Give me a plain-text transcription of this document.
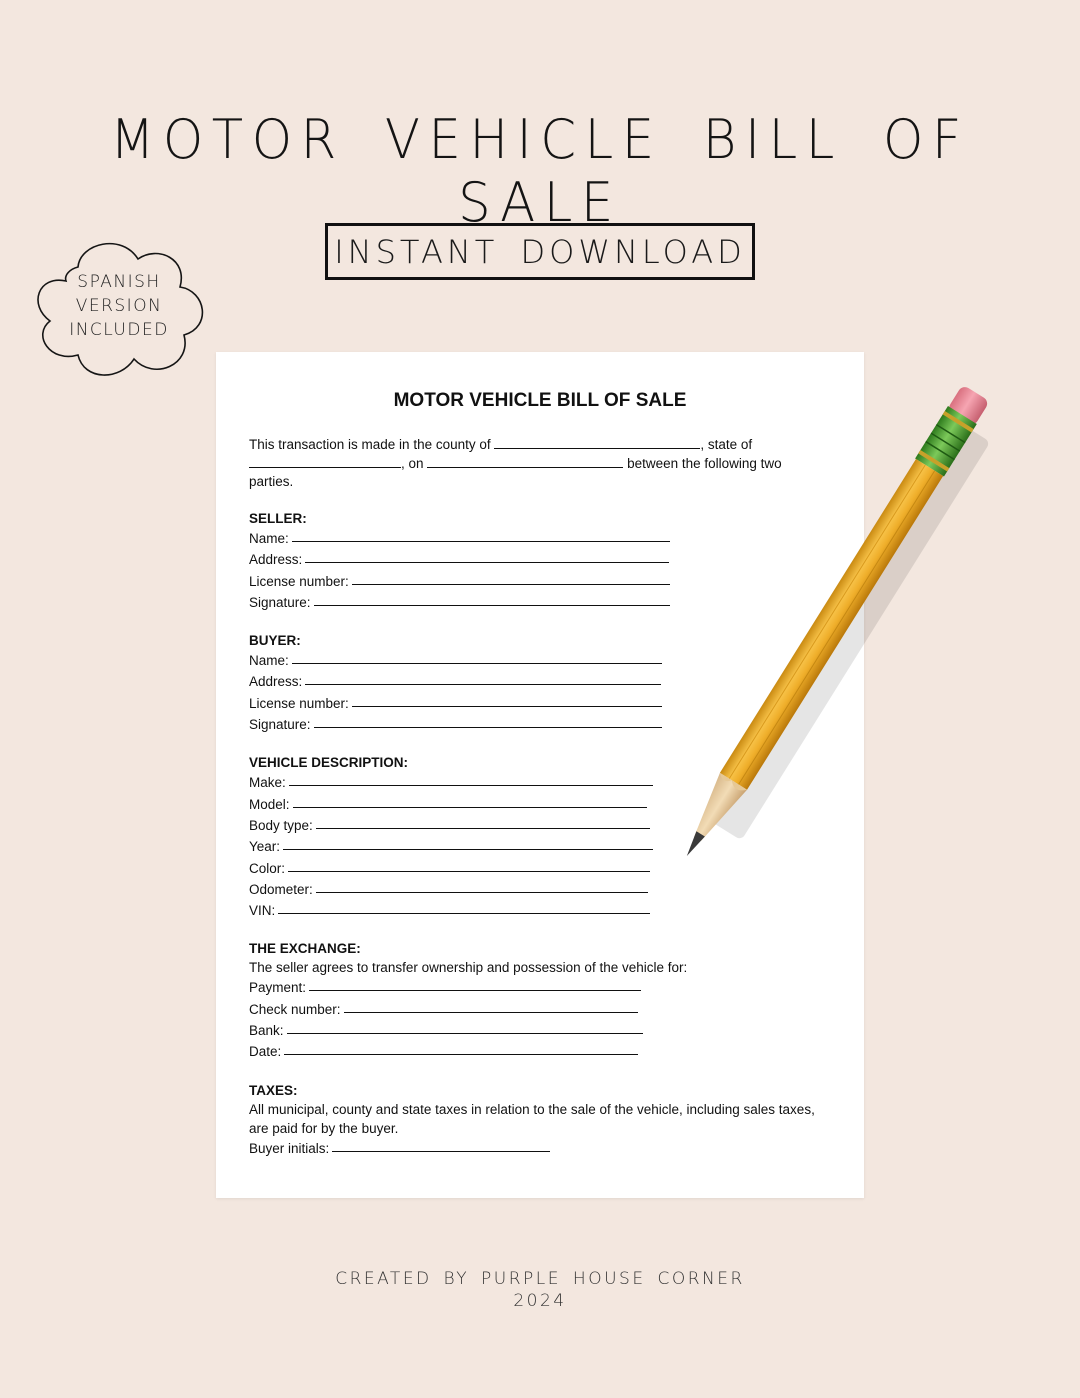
MOTOR VEHICLE BILL OF SALE
INSTANT DOWNLOAD
SPANISH
VERSION
INCLUDED
MOTOR VEHICLE BILL OF SALE
This transaction is made in the county of	, state of
, on	between the following two
parties.
SELLER:
Name:
Address:
License number:
Signature:
BUYER:
Name:
Address:
License number:
Signature:
VEHICLE DESCRIPTION:
Make:
Model:
Body type:
Year:
Color:
Odometer:
VIN:
THE EXCHANGE:
The seller agrees to transfer ownership and possession of the vehicle for:
Payment:
Check number:
Bank:
Date:
TAXES:
All municipal, county and state taxes in relation to the sale of the vehicle, including sales taxes,
are paid for by the buyer.
Buyer initials:
CREATED BY PURPLE HOUSE CORNER
2024
